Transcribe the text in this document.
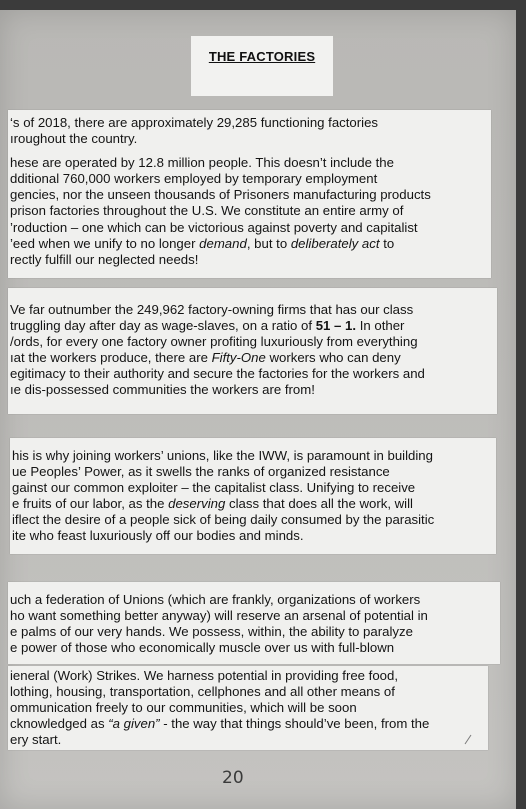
THE FACTORIES
‘s of 2018, there are approximately 29,285 functioning factories
ıroughout the country.
hese are operated by 12.8 million people. This doesn’t include the
dditional 760,000 workers employed by temporary employment
gencies, nor the unseen thousands of Prisoners manufacturing products
prison factories throughout the U.S. We constitute an entire army of
’roduction – one which can be victorious against poverty and capitalist
’eed when we unify to no longer demand, but to deliberately act to
rectly fulfill our neglected needs!
Ve far outnumber the 249,962 factory-owning firms that has our class
truggling day after day as wage-slaves, on a ratio of 51 – 1. In other
/ords, for every one factory owner profiting luxuriously from everything
ıat the workers produce, there are Fifty-One workers who can deny
еgitimacy to their authority and secure the factories for the workers and
ıe dis-possessed communities the workers are from!
his is why joining workers’ unions, like the IWW, is paramount in building
ue Peoples’ Power, as it swells the ranks of organized resistance
gainst our common exploiter – the capitalist class. Unifying to receive
е fruits of our labor, as the deserving class that does all the work, will
iflect the desire of a people sick of being daily consumed by the parasitic
ite who feast luxuriously off our bodies and minds.
uch a federation of Unions (which are frankly, organizations of workers
ho want something better anyway) will reserve an arsenal of potential in
е palms of our very hands. We possess, within, the ability to paralyze
е power of those who economically muscle over us with full-blown
іeneral (Work) Strikes. We harness potential in providing free food,
lothing, housing, transportation, cellphones and all other means of
ommunication freely to our communities, which will be soon
cknowledged as “a given” - the way that things should’ve been, from the
ery start.
20
